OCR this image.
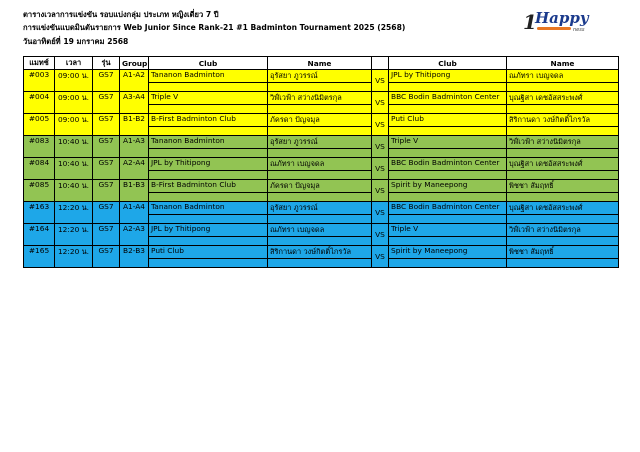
ตารางเวลาการแข่งขัน รอบแบ่งกลุ่ม ประเภท หญิงเดี่ยว 7 ปี
การแข่งขันแบดมินตันรายการ Web Junior Since Rank-21 #1 Badminton Tournament 2025 (2568)
วันอาทิตย์ที่ 19 มกราคม 2568
1
Happy
ness
แมทช์	เวลา	รุ่น	Group	Club	Name		Club	Name
#003	09:00 น.	GS7	A1-A2	Tananon Badminton	อุรัสยา ภูวรรณ์	VS	JPL by Thitipong	ณภัทรา เบญจดล

#004	09:00 น.	GS7	A3-A4	Triple V	วิฬ์เวฟ้า สว่างนิมิตรกุล	VS	BBC Bodin Badminton Center	บุณฐิสา เดชอัสสระพงศ์

#005	09:00 น.	GS7	B1-B2	B-First Badminton Club	ภัครดา ปัญจมุล	VS	Puti Club	สิริกานดา วงษ์กิตติ์ไกรวัล

#083	10:40 น.	GS7	A1-A3	Tananon Badminton	อุรัสยา ภูวรรณ์	VS	Triple V	วิฬ์เวฟ้า สว่างนิมิตรกุล

#084	10:40 น.	GS7	A2-A4	JPL by Thitipong	ณภัทรา เบญจดล	VS	BBC Bodin Badminton Center	บุณฐิสา เดชอัสสระพงศ์

#085	10:40 น.	GS7	B1-B3	B-First Badminton Club	ภัครดา ปัญจมุล	VS	Spirit by Maneepong	พิชชา สัมฤทธิ์

#163	12:20 น.	GS7	A1-A4	Tananon Badminton	อุรัสยา ภูวรรณ์	VS	BBC Bodin Badminton Center	บุณฐิสา เดชอัสสระพงศ์

#164	12:20 น.	GS7	A2-A3	JPL by Thitipong	ณภัทรา เบญจดล	VS	Triple V	วิฬ์เวฟ้า สว่างนิมิตรกุล

#165	12:20 น.	GS7	B2-B3	Puti Club	สิริกานดา วงษ์กิตติ์ไกรวัล	VS	Spirit by Maneepong	พิชชา สัมฤทธิ์
